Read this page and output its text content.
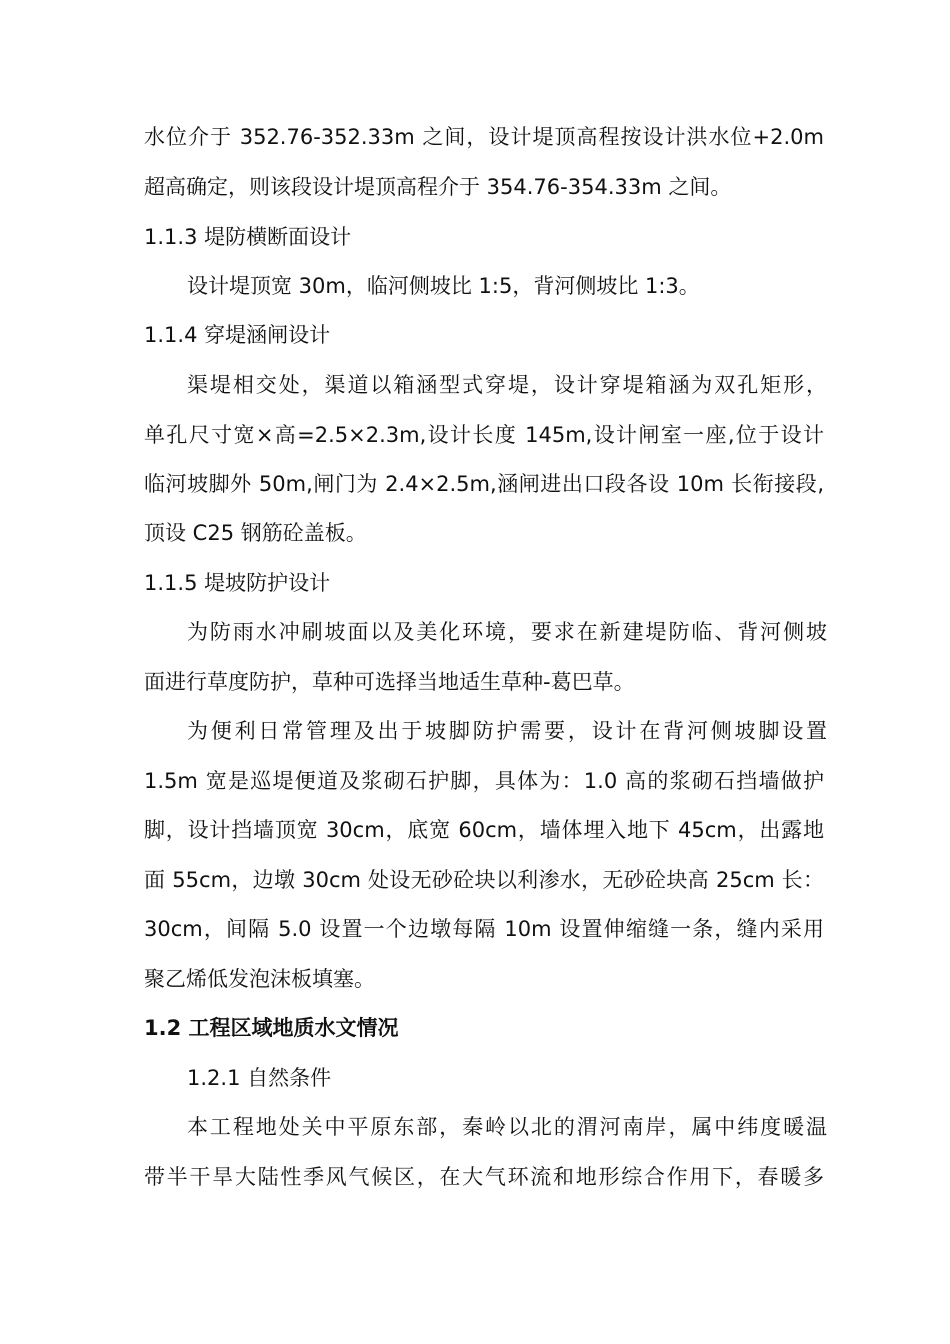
水位介于 352.76-352.33m 之间，设计堤顶高程按设计洪水位+2.0m
超高确定，则该段设计堤顶高程介于 354.76-354.33m 之间。
1.1.3 堤防横断面设计
设计堤顶宽 30m，临河侧坡比 1:5，背河侧坡比 1:3。
1.1.4 穿堤涵闸设计
渠堤相交处，渠道以箱涵型式穿堤，设计穿堤箱涵为双孔矩形，
单孔尺寸宽×高=2.5×2.3m,设计长度 145m,设计闸室一座,位于设计
临河坡脚外 50m,闸门为 2.4×2.5m,涵闸进出口段各设 10m 长衔接段,
顶设 C25 钢筋砼盖板。
1.1.5 堤坡防护设计
为防雨水冲刷坡面以及美化环境，要求在新建堤防临、背河侧坡
面进行草度防护，草种可选择当地适生草种-葛巴草。
为便利日常管理及出于坡脚防护需要，设计在背河侧坡脚设置
1.5m 宽是巡堤便道及浆砌石护脚，具体为：1.0 高的浆砌石挡墙做护
脚，设计挡墙顶宽 30cm，底宽 60cm，墙体埋入地下 45cm，出露地
面 55cm，边墩 30cm 处设无砂砼块以利渗水，无砂砼块高 25cm 长：
30cm，间隔 5.0 设置一个边墩每隔 10m 设置伸缩缝一条，缝内采用
聚乙烯低发泡沫板填塞。
1.2 工程区域地质水文情况
1.2.1 自然条件
本工程地处关中平原东部，秦岭以北的渭河南岸，属中纬度暖温
带半干旱大陆性季风气候区，在大气环流和地形综合作用下，春暖多
